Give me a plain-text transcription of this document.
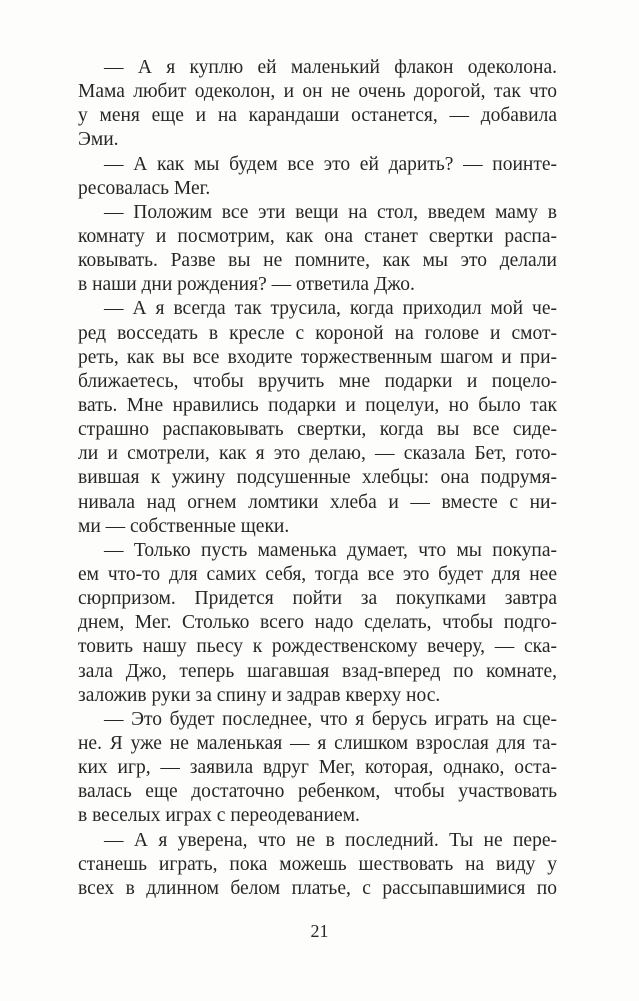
— А я куплю ей маленький флакон одеколона.
Мама любит одеколон, и он не очень дорогой, так что
у меня еще и на карандаши останется, — добавила
Эми.
— А как мы будем все это ей дарить? — поинте-
ресовалась Мег.
— Положим все эти вещи на стол, введем маму в
комнату и посмотрим, как она станет свертки распа-
ковывать. Разве вы не помните, как мы это делали
в наши дни рождения? — ответила Джо.
— А я всегда так трусила, когда приходил мой че-
ред восседать в кресле с короной на голове и смот-
реть, как вы все входите торжественным шагом и при-
ближаетесь, чтобы вручить мне подарки и поцело-
вать. Мне нравились подарки и поцелуи, но было так
страшно распаковывать свертки, когда вы все сиде-
ли и смотрели, как я это делаю, — сказала Бет, гото-
вившая к ужину подсушенные хлебцы: она подрумя-
нивала над огнем ломтики хлеба и — вместе с ни-
ми — собственные щеки.
— Только пусть маменька думает, что мы покупа-
ем что-то для самих себя, тогда все это будет для нее
сюрпризом. Придется пойти за покупками завтра
днем, Мег. Столько всего надо сделать, чтобы подго-
товить нашу пьесу к рождественскому вечеру, — ска-
зала Джо, теперь шагавшая взад-вперед по комнате,
заложив руки за спину и задрав кверху нос.
— Это будет последнее, что я берусь играть на сце-
не. Я уже не маленькая — я слишком взрослая для та-
ких игр, — заявила вдруг Мег, которая, однако, оста-
валась еще достаточно ребенком, чтобы участвовать
в веселых играх с переодеванием.
— А я уверена, что не в последний. Ты не пере-
станешь играть, пока можешь шествовать на виду у
всех в длинном белом платье, с рассыпавшимися по
21
